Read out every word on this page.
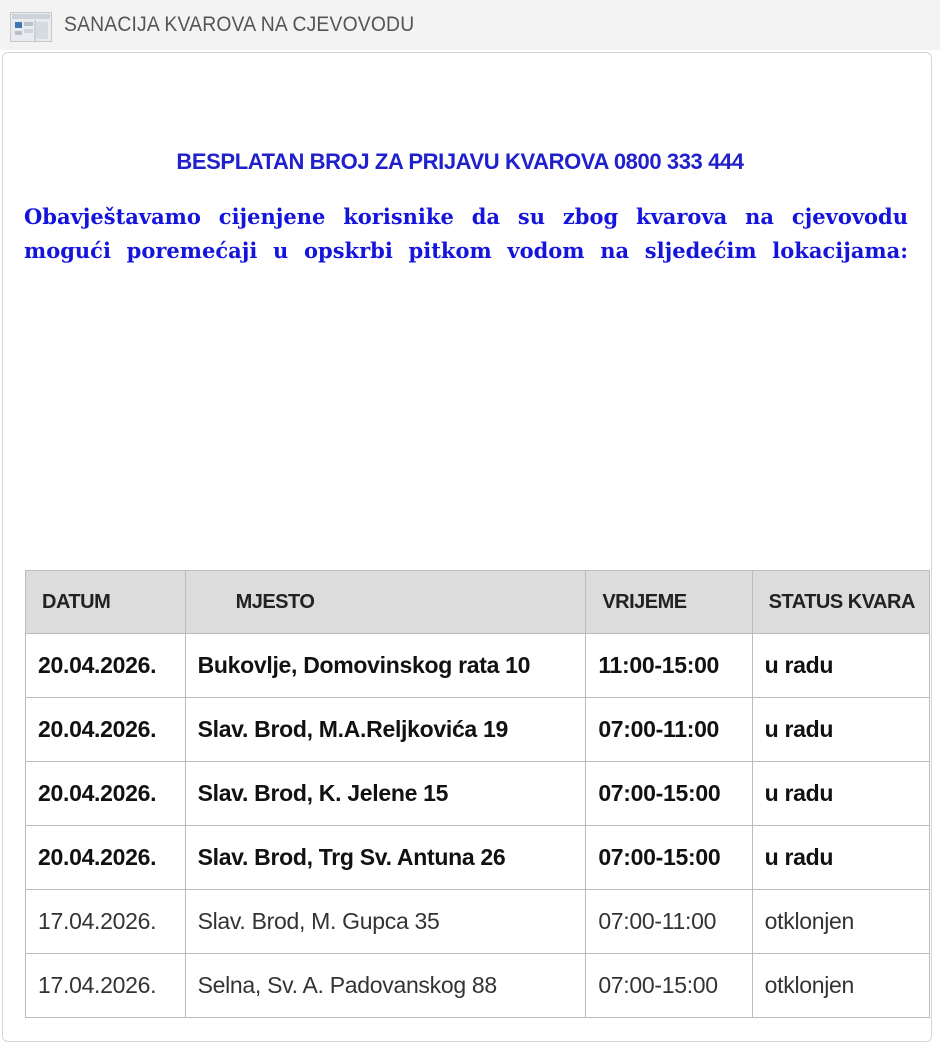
SANACIJA KVAROVA NA CJEVOVODU
BESPLATAN BROJ ZA PRIJAVU KVAROVA 0800 333 444
Obavještavamo cijenjene korisnike da su zbog kvarova na cjevovodu
mogući poremećaji u opskrbi pitkom vodom na sljedećim lokacijama:
DATUM	MJESTO	VRIJEME	STATUS KVARA
20.04.2026.	Bukovlje, Domovinskog rata 10	11:00-15:00	u radu
20.04.2026.	Slav. Brod, M.A.Reljkovića 19	07:00-11:00	u radu
20.04.2026.	Slav. Brod, K. Jelene 15	07:00-15:00	u radu
20.04.2026.	Slav. Brod, Trg Sv. Antuna 26	07:00-15:00	u radu
17.04.2026.	Slav. Brod, M. Gupca 35	07:00-11:00	otklonjen
17.04.2026.	Selna, Sv. A. Padovanskog 88	07:00-15:00	otklonjen
